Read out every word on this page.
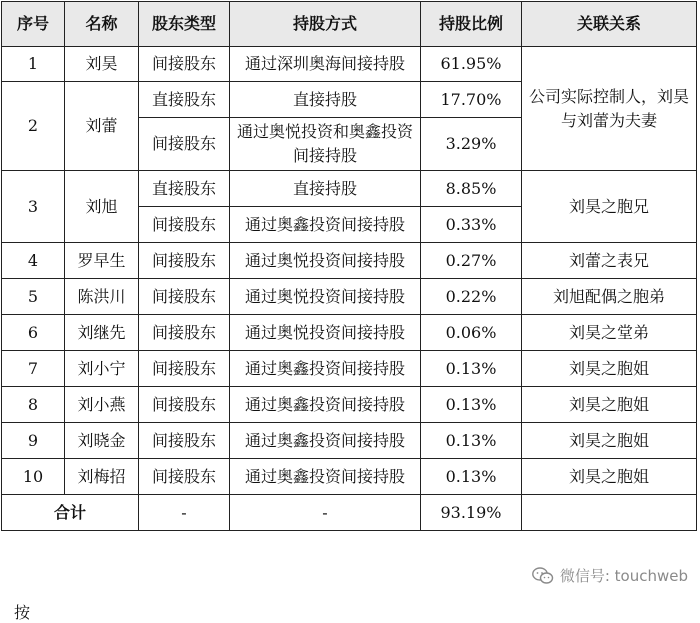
序号	名称	股东类型	持股方式	持股比例	关联关系
1	刘昊	间接股东	通过深圳奥海间接持股	61.95%	公司实际控制人，刘昊与刘蕾为夫妻
2	刘蕾	直接股东	直接持股	17.70%	
		间接股东	通过奥悦投资和奥鑫投资间接持股	3.29%	
3	刘旭	直接股东	直接持股	8.85%	刘昊之胞兄
		间接股东	通过奥鑫投资间接持股	0.33%	
4	罗早生	间接股东	通过奥悦投资间接持股	0.27%	刘蕾之表兄
5	陈洪川	间接股东	通过奥悦投资间接持股	0.22%	刘旭配偶之胞弟
6	刘继先	间接股东	通过奥悦投资间接持股	0.06%	刘昊之堂弟
7	刘小宁	间接股东	通过奥鑫投资间接持股	0.13%	刘昊之胞姐
8	刘小燕	间接股东	通过奥鑫投资间接持股	0.13%	刘昊之胞姐
9	刘晓金	间接股东	通过奥鑫投资间接持股	0.13%	刘昊之胞姐
10	刘梅招	间接股东	通过奥鑫投资间接持股	0.13%	刘昊之胞姐
合计		-	-	93.19%	
微信号: touchweb
按
